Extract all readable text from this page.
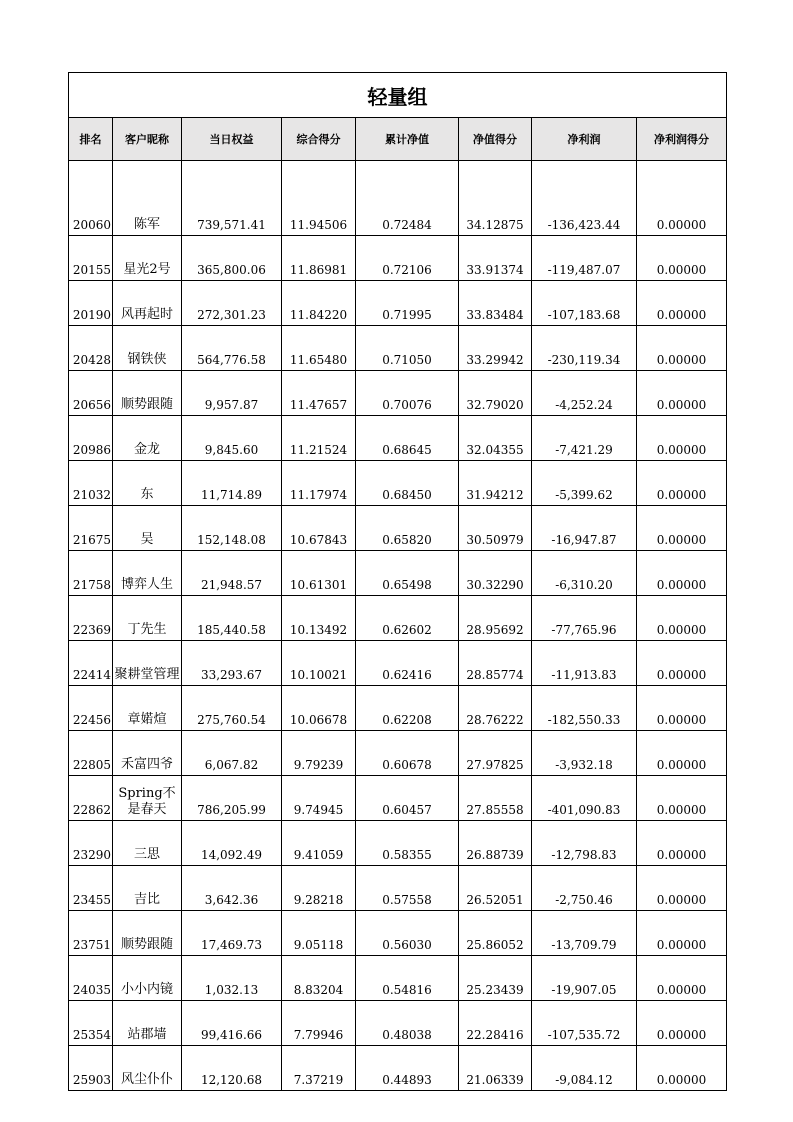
轻量组							
排名	客户昵称	当日权益	综合得分	累计净值	净值得分	净利润	净利润得分
20060	陈军	739,571.41	11.94506	0.72484	34.12875	-136,423.44	0.00000
20155	星光2号	365,800.06	11.86981	0.72106	33.91374	-119,487.07	0.00000
20190	风再起时	272,301.23	11.84220	0.71995	33.83484	-107,183.68	0.00000
20428	钢铁侠	564,776.58	11.65480	0.71050	33.29942	-230,119.34	0.00000
20656	顺势跟随	9,957.87	11.47657	0.70076	32.79020	-4,252.24	0.00000
20986	金龙	9,845.60	11.21524	0.68645	32.04355	-7,421.29	0.00000
21032	东	11,714.89	11.17974	0.68450	31.94212	-5,399.62	0.00000
21675	吴	152,148.08	10.67843	0.65820	30.50979	-16,947.87	0.00000
21758	博弈人生	21,948.57	10.61301	0.65498	30.32290	-6,310.20	0.00000
22369	丁先生	185,440.58	10.13492	0.62602	28.95692	-77,765.96	0.00000
22414	聚耕堂管理	33,293.67	10.10021	0.62416	28.85774	-11,913.83	0.00000
22456	章婼煊	275,760.54	10.06678	0.62208	28.76222	-182,550.33	0.00000
22805	禾富四爷	6,067.82	9.79239	0.60678	27.97825	-3,932.18	0.00000
22862	Spring不是春天	786,205.99	9.74945	0.60457	27.85558	-401,090.83	0.00000
23290	三思	14,092.49	9.41059	0.58355	26.88739	-12,798.83	0.00000
23455	吉比	3,642.36	9.28218	0.57558	26.52051	-2,750.46	0.00000
23751	顺势跟随	17,469.73	9.05118	0.56030	25.86052	-13,709.79	0.00000
24035	小小内镜	1,032.13	8.83204	0.54816	25.23439	-19,907.05	0.00000
25354	站郡墙	99,416.66	7.79946	0.48038	22.28416	-107,535.72	0.00000
25903	风尘仆仆	12,120.68	7.37219	0.44893	21.06339	-9,084.12	0.00000
